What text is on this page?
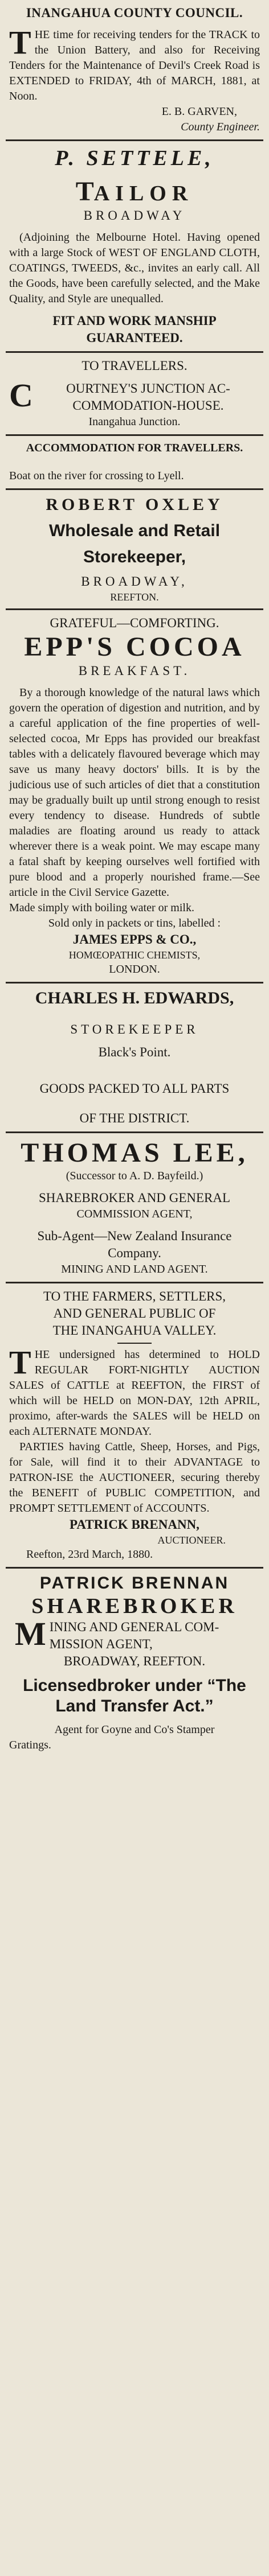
INANGAHUA COUNTY COUNCIL.
T HE time for receiving tenders for the TRACK to the Union Battery, and also for Receiving Tenders for the Maintenance of Devil's Creek Road is EXTENDED to FRIDAY, 4th of MARCH, 1881, at Noon.
E. B. GARVEN,
County Engineer.
P. SETTELE,
TAILOR
BROADWAY
(Adjoining the Melbourne Hotel. Having opened with a large Stock of WEST OF ENGLAND CLOTH, COATINGS, TWEEDS, &c., invites an early call. All the Goods, have been carefully selected, and the Make Quality, and Style are unequalled.
FIT AND WORK MANSHIP GUARANTEED.
TO TRAVELLERS.
C	OURTNEY'S JUNCTION AC-COMMODATION-HOUSE.
Inangahua Junction.
ACCOMMODATION FOR TRAVELLERS.
Boat on the river for crossing to Lyell.
ROBERT OXLEY
Wholesale and Retail
Storekeeper,
BROADWAY,
REEFTON.
GRATEFUL—COMFORTING.
EPP'S COCOA
BREAKFAST.
By a thorough knowledge of the natural laws which govern the operation of digestion and nutrition, and by a careful application of the fine properties of well-selected cocoa, Mr Epps has provided our breakfast tables with a delicately flavoured beverage which may save us many heavy doctors' bills. It is by the judicious use of such articles of diet that a constitution may be gradually built up until strong enough to resist every tendency to disease. Hundreds of subtle maladies are floating around us ready to attack wherever there is a weak point. We may escape many a fatal shaft by keeping ourselves well fortified with pure blood and a properly nourished frame.—See article in the Civil Service Gazette.
Made simply with boiling water or milk.
Sold only in packets or tins, labelled :
JAMES EPPS & CO.,
HOMŒOPATHIC CHEMISTS,
LONDON.
CHARLES H. EDWARDS,
STOREKEEPER
Black's Point.
GOODS PACKED TO ALL PARTS
OF THE DISTRICT.
THOMAS LEE,
(Successor to A. D. Bayfeild.)
SHAREBROKER AND GENERAL
COMMISSION AGENT,
Sub-Agent—New Zealand Insurance
Company.
MINING AND LAND AGENT.
TO THE FARMERS, SETTLERS,
AND GENERAL PUBLIC OF
THE INANGAHUA VALLEY.
T HE undersigned has determined to HOLD REGULAR FORT-NIGHTLY AUCTION SALES of CATTLE at REEFTON, the FIRST of which will be HELD on MON-DAY, 12th APRIL, proximo, after-wards the SALES will be HELD on each ALTERNATE MONDAY.
PARTIES having Cattle, Sheep, Horses, and Pigs, for Sale, will find it to their ADVANTAGE to PATRON-ISE the AUCTIONEER, securing thereby the BENEFIT of PUBLIC COMPETITION, and PROMPT SETTLEMENT of ACCOUNTS.
PATRICK BRENANN,
AUCTIONEER.
Reefton, 23rd March, 1880.
PATRICK BRENNAN
SHAREBROKER
M INING AND GENERAL COM-MISSION AGENT,
BROADWAY, REEFTON.
Licensedbroker under “The
Land Transfer Act.”
Agent for Goyne and Co's Stamper
Gratings.
